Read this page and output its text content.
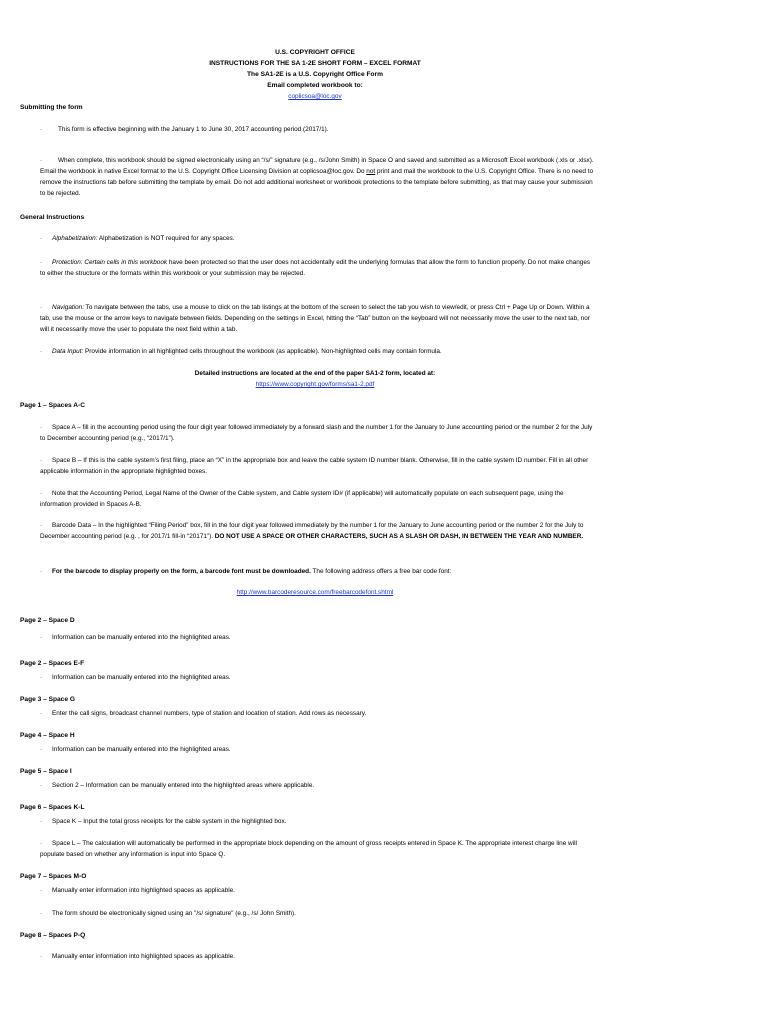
U.S. COPYRIGHT OFFICE
INSTRUCTIONS FOR THE SA 1-2E SHORT FORM – EXCEL FORMAT
The SA1-2E is a U.S. Copyright Office Form
Email completed workbook to:
coplicsoa@loc.gov
Submitting the form
· This form is effective beginning with the January 1 to June 30, 2017 accounting period (2017/1).
· When complete, this workbook should be signed electronically using an “/s/” signature (e.g., /s/John Smith) in Space O and saved and submitted as a Microsoft Excel workbook (.xls or .xlsx). Email the workbook in native Excel format to the U.S. Copyright Office Licensing Division at coplicsoa@loc.gov. Do not print and mail the workbook to the U.S. Copyright Office. There is no need to remove the instructions tab before submitting the template by email. Do not add additional worksheet or workbook protections to the template before submitting, as that may cause your submission to be rejected.
General Instructions
· Alphabetization: Alphabetization is NOT required for any spaces.
· Protection: Certain cells in this workbook have been protected so that the user does not accidentally edit the underlying formulas that allow the form to function properly. Do not make changes to either the structure or the formats within this workbook or your submission may be rejected.
· Navigation: To navigate between the tabs, use a mouse to click on the tab listings at the bottom of the screen to select the tab you wish to view/edit, or press Ctrl + Page Up or Down. Within a tab, use the mouse or the arrow keys to navigate between fields. Depending on the settings in Excel, hitting the “Tab” button on the keyboard will not necessarily move the user to the next tab, nor will it necessarily move the user to populate the next field within a tab.
· Data Input: Provide information in all highlighted cells throughout the workbook (as applicable). Non-highlighted cells may contain formula.
Detailed instructions are located at the end of the paper SA1-2 form, located at:
https://www.copyright.gov/forms/sa1-2.pdf
Page 1 – Spaces A-C
· Space A – fill in the accounting period using the four digit year followed immediately by a forward slash and the number 1 for the January to June accounting period or the number 2 for the July to December accounting period (e.g., “2017/1”).
· Space B – If this is the cable system’s first filing, place an “X” in the appropriate box and leave the cable system ID number blank. Otherwise, fill in the cable system ID number. Fill in all other applicable information in the appropriate highlighted boxes.
· Note that the Accounting Period, Legal Name of the Owner of the Cable system, and Cable system ID# (if applicable) will automatically populate on each subsequent page, using the information provided in Spaces A-B.
· Barcode Data – In the highlighted “Filing Period” box, fill in the four digit year followed immediately by the number 1 for the January to June accounting period or the number 2 for the July to December accounting period (e.g. , for 2017/1 fill-in “20171”). DO NOT USE A SPACE OR OTHER CHARACTERS, SUCH AS A SLASH OR DASH, IN BETWEEN THE YEAR AND NUMBER.
· For the barcode to display properly on the form, a barcode font must be downloaded. The following address offers a free bar code font:
http://www.barcoderesource.com/freebarcodefont.shtml
Page 2 – Space D
· Information can be manually entered into the highlighted areas.
Page 2 – Spaces E-F
· Information can be manually entered into the highlighted areas.
Page 3 – Space G
· Enter the call signs, broadcast channel numbers, type of station and location of station. Add rows as necessary.
Page 4 – Space H
· Information can be manually entered into the highlighted areas.
Page 5 – Space I
· Section 2 – Information can be manually entered into the highlighted areas where applicable.
Page 6 – Spaces K-L
· Space K – Input the total gross receipts for the cable system in the highlighted box.
· Space L – The calculation will automatically be performed in the appropriate block depending on the amount of gross receipts entered in Space K. The appropriate interest charge line will populate based on whether any information is input into Space Q.
Page 7 – Spaces M-O
· Manually enter information into highlighted spaces as applicable.
· The form should be electronically signed using an "/s/ signature" (e.g., /s/ John Smith).
Page 8 – Spaces P-Q
· Manually enter information into highlighted spaces as applicable.
